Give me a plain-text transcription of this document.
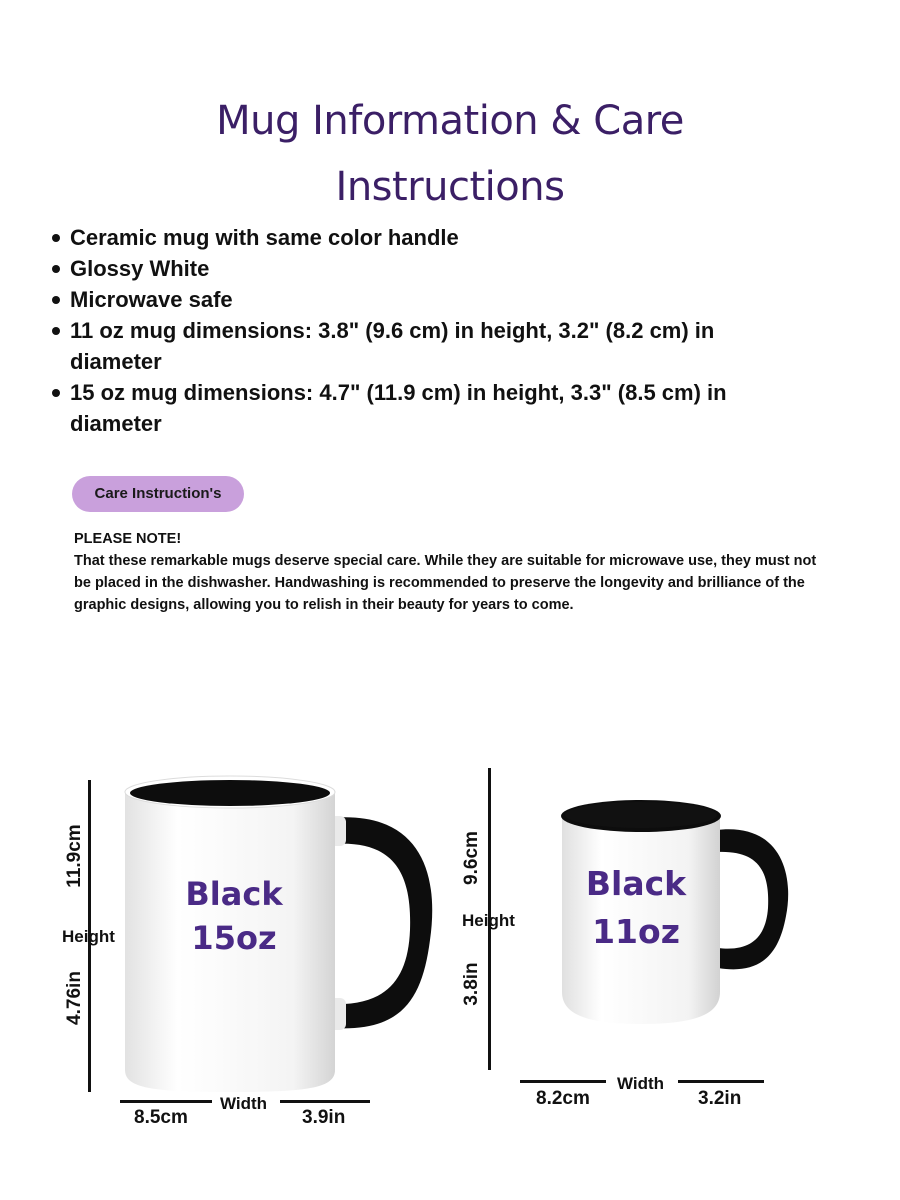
Mug Information & Care
Instructions
Ceramic mug with same color handle
Glossy White
Microwave safe
11 oz mug dimensions: 3.8" (9.6 cm) in height, 3.2" (8.2 cm) in diameter
15 oz mug dimensions: 4.7" (11.9 cm) in height, 3.3" (8.5 cm) in diameter
Care Instruction's
PLEASE NOTE!
That these remarkable mugs deserve special care. While they are suitable for microwave use, they must not be placed in the dishwasher. Handwashing is recommended to preserve the longevity and brilliance of the graphic designs, allowing you to relish in their beauty for years to come.
Black
15oz
11.9cm
Height
4.76in
Width
8.5cm	3.9in
Black
11oz
9.6cm
Height
3.8in
Width
8.2cm	3.2in
